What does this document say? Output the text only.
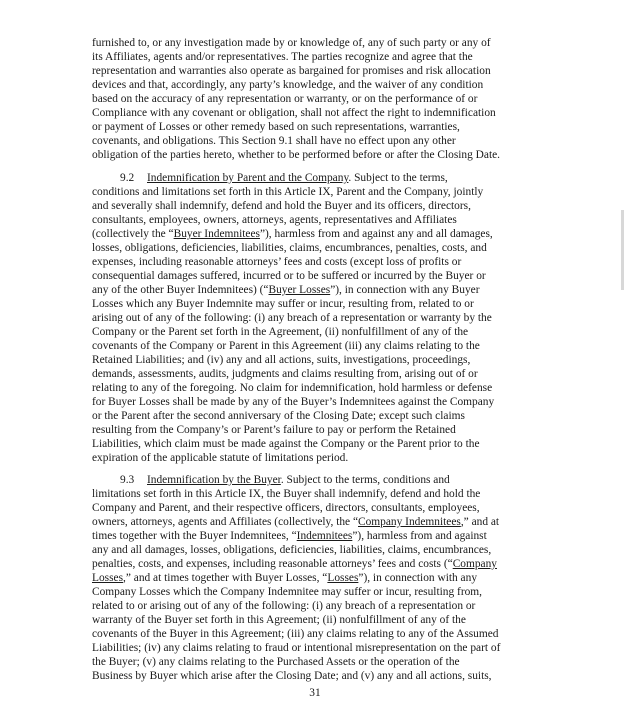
furnished to, or any investigation made by or knowledge of, any of such party or any of
its Affiliates, agents and/or representatives. The parties recognize and agree that the
representation and warranties also operate as bargained for promises and risk allocation
devices and that, accordingly, any party’s knowledge, and the waiver of any condition
based on the accuracy of any representation or warranty, or on the performance of or
Compliance with any covenant or obligation, shall not affect the right to indemnification
or payment of Losses or other remedy based on such representations, warranties,
covenants, and obligations. This Section 9.1 shall have no effect upon any other
obligation of the parties hereto, whether to be performed before or after the Closing Date.
9.2 Indemnification by Parent and the Company. Subject to the terms,
conditions and limitations set forth in this Article IX, Parent and the Company, jointly
and severally shall indemnify, defend and hold the Buyer and its officers, directors,
consultants, employees, owners, attorneys, agents, representatives and Affiliates
(collectively the “Buyer Indemnitees”), harmless from and against any and all damages,
losses, obligations, deficiencies, liabilities, claims, encumbrances, penalties, costs, and
expenses, including reasonable attorneys’ fees and costs (except loss of profits or
consequential damages suffered, incurred or to be suffered or incurred by the Buyer or
any of the other Buyer Indemnitees) (“Buyer Losses”), in connection with any Buyer
Losses which any Buyer Indemnite may suffer or incur, resulting from, related to or
arising out of any of the following: (i) any breach of a representation or warranty by the
Company or the Parent set forth in the Agreement, (ii) nonfulfillment of any of the
covenants of the Company or Parent in this Agreement (iii) any claims relating to the
Retained Liabilities; and (iv) any and all actions, suits, investigations, proceedings,
demands, assessments, audits, judgments and claims resulting from, arising out of or
relating to any of the foregoing. No claim for indemnification, hold harmless or defense
for Buyer Losses shall be made by any of the Buyer’s Indemnitees against the Company
or the Parent after the second anniversary of the Closing Date; except such claims
resulting from the Company’s or Parent’s failure to pay or perform the Retained
Liabilities, which claim must be made against the Company or the Parent prior to the
expiration of the applicable statute of limitations period.
9.3 Indemnification by the Buyer. Subject to the terms, conditions and
limitations set forth in this Article IX, the Buyer shall indemnify, defend and hold the
Company and Parent, and their respective officers, directors, consultants, employees,
owners, attorneys, agents and Affiliates (collectively, the “Company Indemnitees,” and at
times together with the Buyer Indemnitees, “Indemnitees”), harmless from and against
any and all damages, losses, obligations, deficiencies, liabilities, claims, encumbrances,
penalties, costs, and expenses, including reasonable attorneys’ fees and costs (“Company
Losses,” and at times together with Buyer Losses, “Losses”), in connection with any
Company Losses which the Company Indemnitee may suffer or incur, resulting from,
related to or arising out of any of the following: (i) any breach of a representation or
warranty of the Buyer set forth in this Agreement; (ii) nonfulfillment of any of the
covenants of the Buyer in this Agreement; (iii) any claims relating to any of the Assumed
Liabilities; (iv) any claims relating to fraud or intentional misrepresentation on the part of
the Buyer; (v) any claims relating to the Purchased Assets or the operation of the
Business by Buyer which arise after the Closing Date; and (v) any and all actions, suits,
31
